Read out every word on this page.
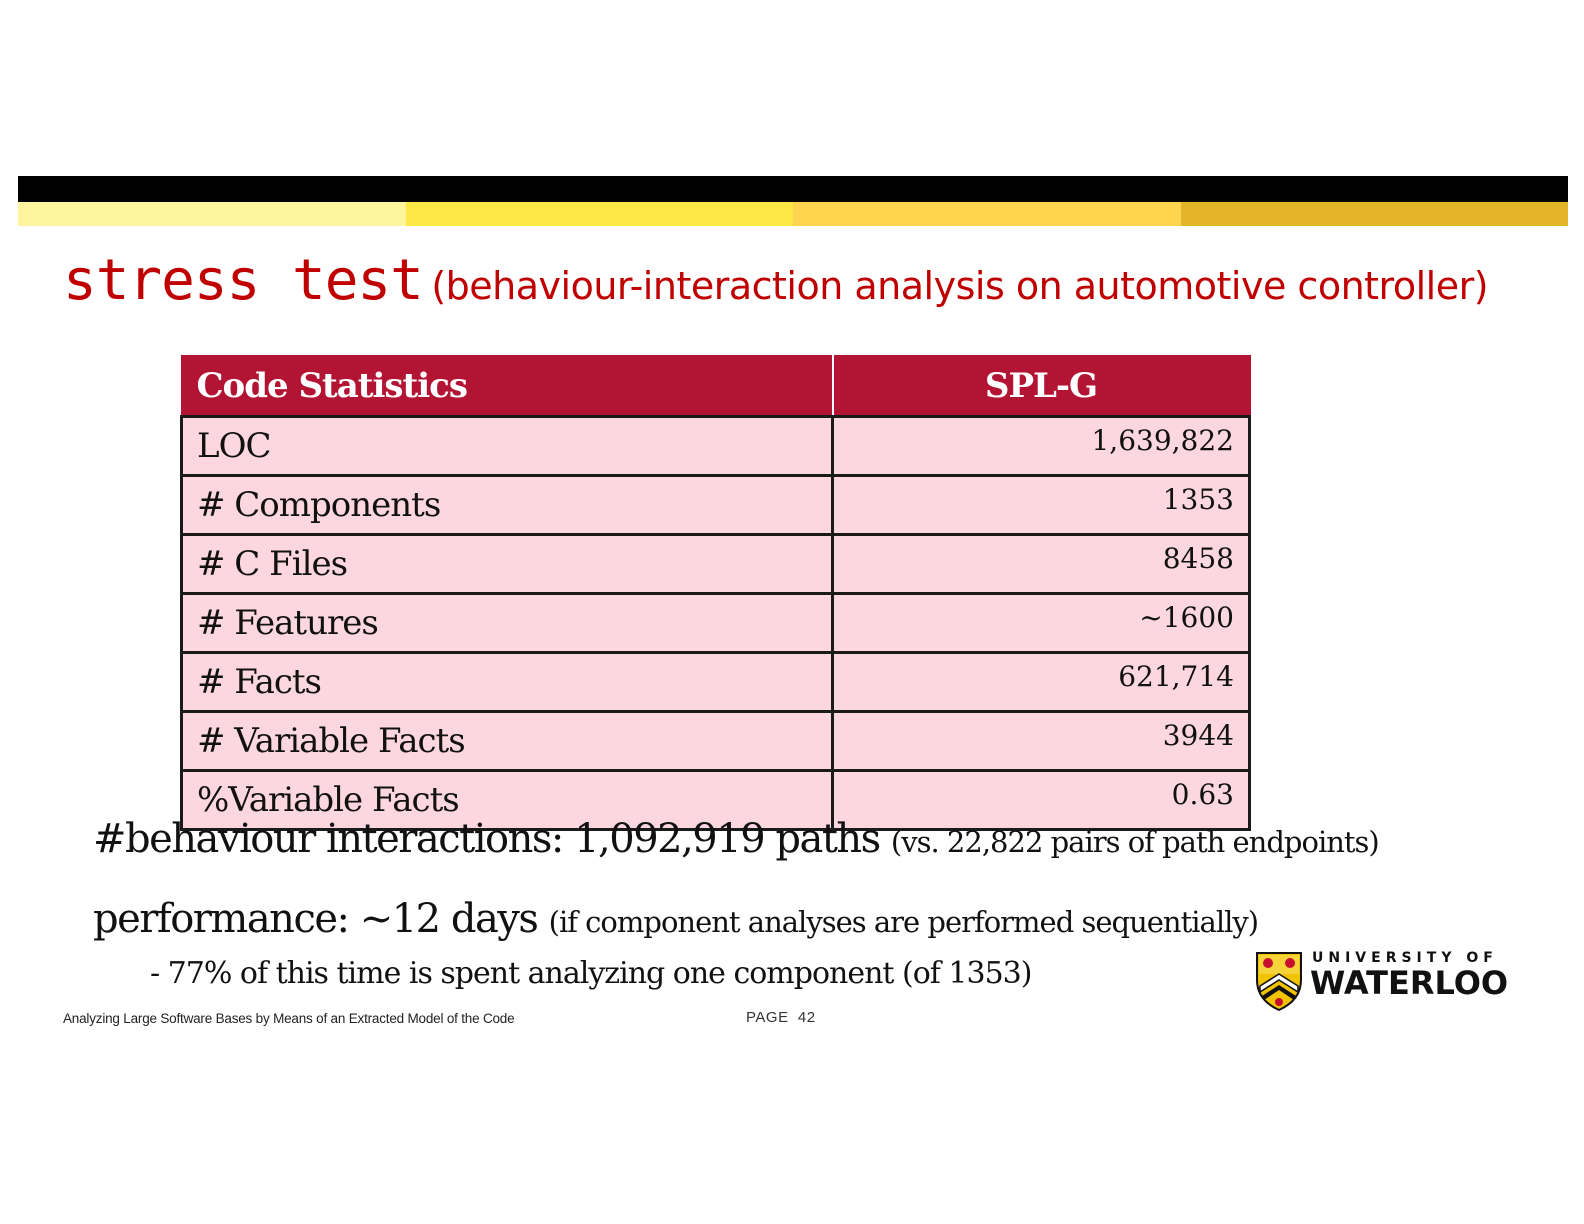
stress test (behaviour-interaction analysis on automotive controller)
Code Statistics	SPL-G
LOC	1,639,822
# Components	1353
# C Files	8458
# Features	~1600
# Facts	621,714
# Variable Facts	3944
%Variable Facts	0.63
#behaviour interactions: 1,092,919 paths (vs. 22,822 pairs of path endpoints)
performance: ~12 days (if component analyses are performed sequentially)
- 77% of this time is spent analyzing one component (of 1353)
Analyzing Large Software Bases by Means of an Extracted Model of the Code	PAGE 42
UNIVERSITY OF
WATERLOO
